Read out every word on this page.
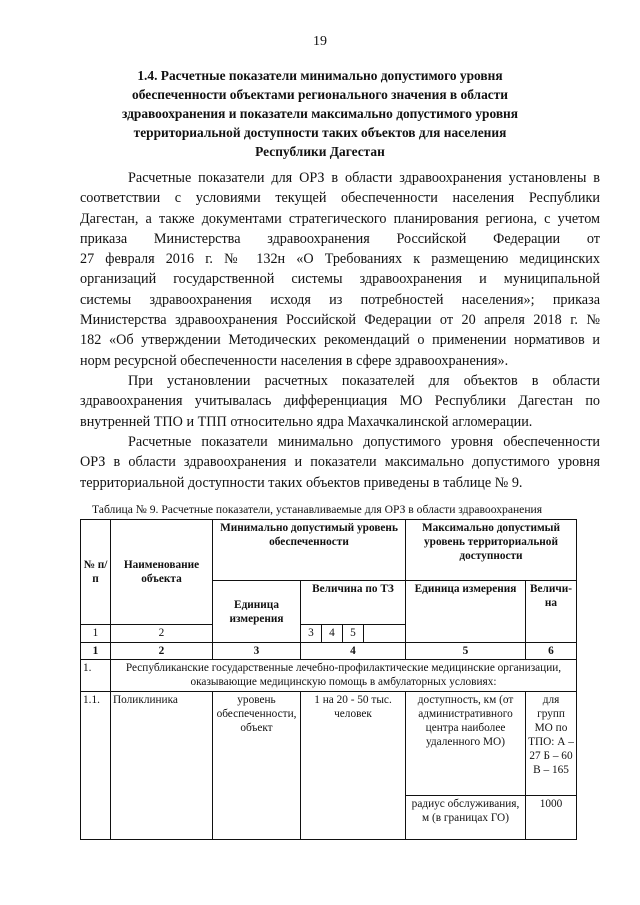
19
1.4. Расчетные показатели минимально допустимого уровня
обеспеченности объектами регионального значения в области
здравоохранения и показатели максимально допустимого уровня
территориальной доступности таких объектов для населения
Республики Дагестан
Расчетные показатели для ОРЗ в области здравоохранения установлены в
соответствии с условиями текущей обеспеченности населения Республики
Дагестан, а также документами стратегического планирования региона, с учетом
приказа Министерства здравоохранения Российской Федерации от
27 февраля 2016 г. № 132н «О Требованиях к размещению медицинских
организаций государственной системы здравоохранения и муниципальной
системы здравоохранения исходя из потребностей населения»; приказа
Министерства здравоохранения Российской Федерации от 20 апреля 2018 г. №
182 «Об утверждении Методических рекомендаций о применении нормативов и
норм ресурсной обеспеченности населения в сфере здравоохранения».
При установлении расчетных показателей для объектов в области
здравоохранения учитывалась дифференциация МО Республики Дагестан по
внутренней ТПО и ТПП относительно ядра Махачкалинской агломерации.
Расчетные показатели минимально допустимого уровня обеспеченности
ОРЗ в области здравоохранения и показатели максимально допустимого уровня
территориальной доступности таких объектов приведены в таблице № 9.
Таблица № 9. Расчетные показатели, устанавливаемые для ОРЗ в области здравоохранения
№ п/п	Наименование объекта	Минимально допустимый уровень обеспеченности				Максимально допустимый уровень территориальной доступности	
		Единица измерения	Величина по ТЗ			Единица измерения	Величи-на
1	2		3	4	5		
1	2	3	4			5	6
1.	Республиканские государственные лечебно-профилактические медицинские организации, оказывающие медицинскую помощь в амбулаторных условиях:						
1.1.	Поликлиника	уровень обеспеченности, объект	1 на 20 - 50 тыс. человек			доступность, км (от административного центра наиболее удаленного МО)	для групп МО по ТПО: А – 27 Б – 60 В – 165
						радиус обслуживания, м (в границах ГО)	1000
